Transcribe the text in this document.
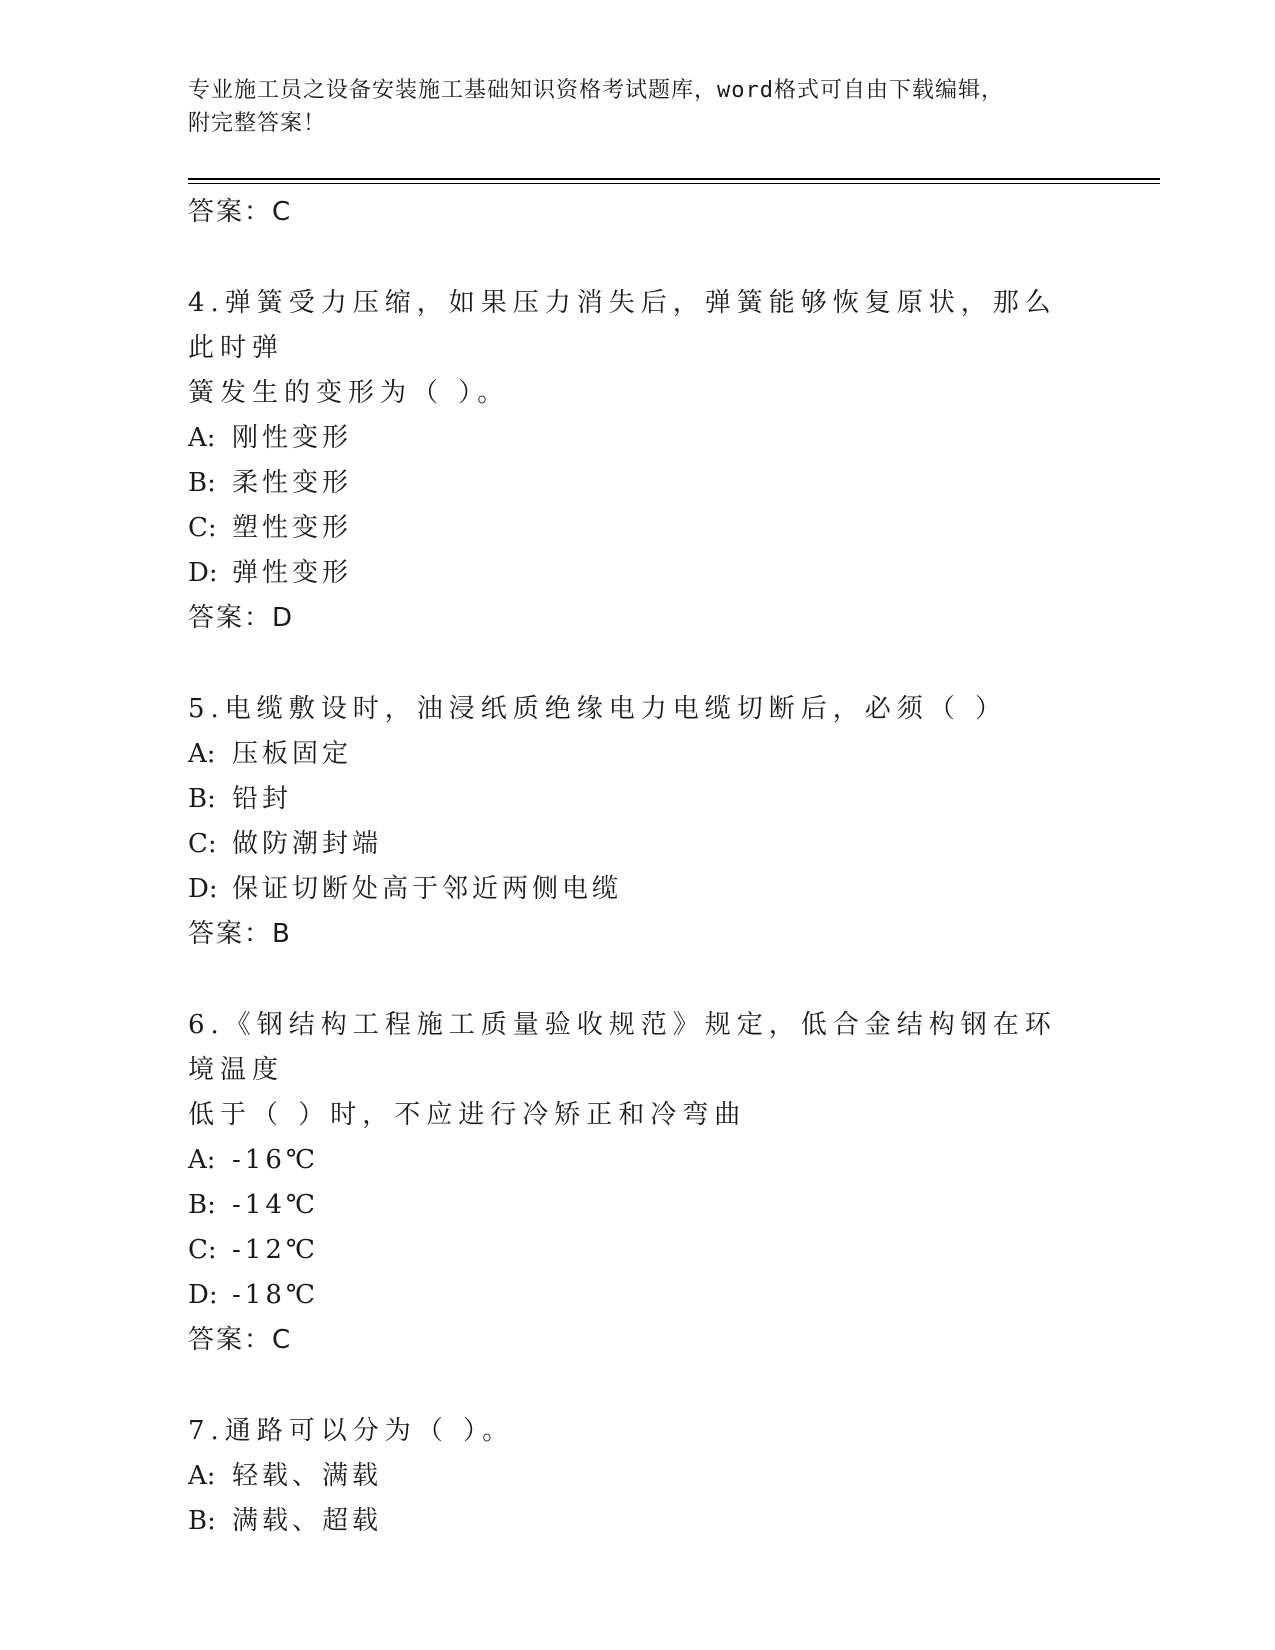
专业施工员之设备安装施工基础知识资格考试题库，word格式可自由下载编辑，
附完整答案！
答案：C
4.弹簧受力压缩，如果压力消失后，弹簧能够恢复原状，那么此时弹
簧发生的变形为（ ）。
A: 刚性变形
B: 柔性变形
C: 塑性变形
D: 弹性变形
答案：D
5.电缆敷设时，油浸纸质绝缘电力电缆切断后，必须（ ）
A: 压板固定
B: 铅封
C: 做防潮封端
D: 保证切断处高于邻近两侧电缆
答案：B
6.《钢结构工程施工质量验收规范》规定，低合金结构钢在环境温度
低于（ ）时，不应进行冷矫正和冷弯曲
A: -16℃
B: -14℃
C: -12℃
D: -18℃
答案：C
7.通路可以分为（ ）。
A: 轻载、满载
B: 满载、超载
